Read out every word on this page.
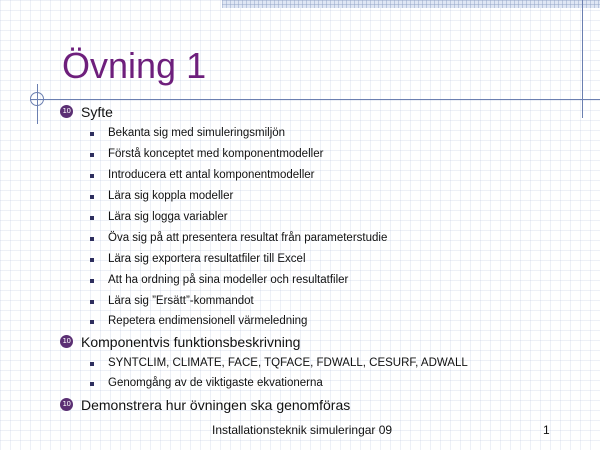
Övning 1
10 Syfte
Bekanta sig med simuleringsmiljön
Förstå konceptet med komponentmodeller
Introducera ett antal komponentmodeller
Lära sig koppla modeller
Lära sig logga variabler
Öva sig på att presentera resultat från parameterstudie
Lära sig exportera resultatfiler till Excel
Att ha ordning på sina modeller och resultatfiler
Lära sig ”Ersätt”-kommandot
Repetera endimensionell värmeledning
10 Komponentvis funktionsbeskrivning
SYNTCLIM, CLIMATE, FACE, TQFACE, FDWALL, CESURF, ADWALL
Genomgång av de viktigaste ekvationerna
10 Demonstrera hur övningen ska genomföras
Installationsteknik simuleringar 09	1
